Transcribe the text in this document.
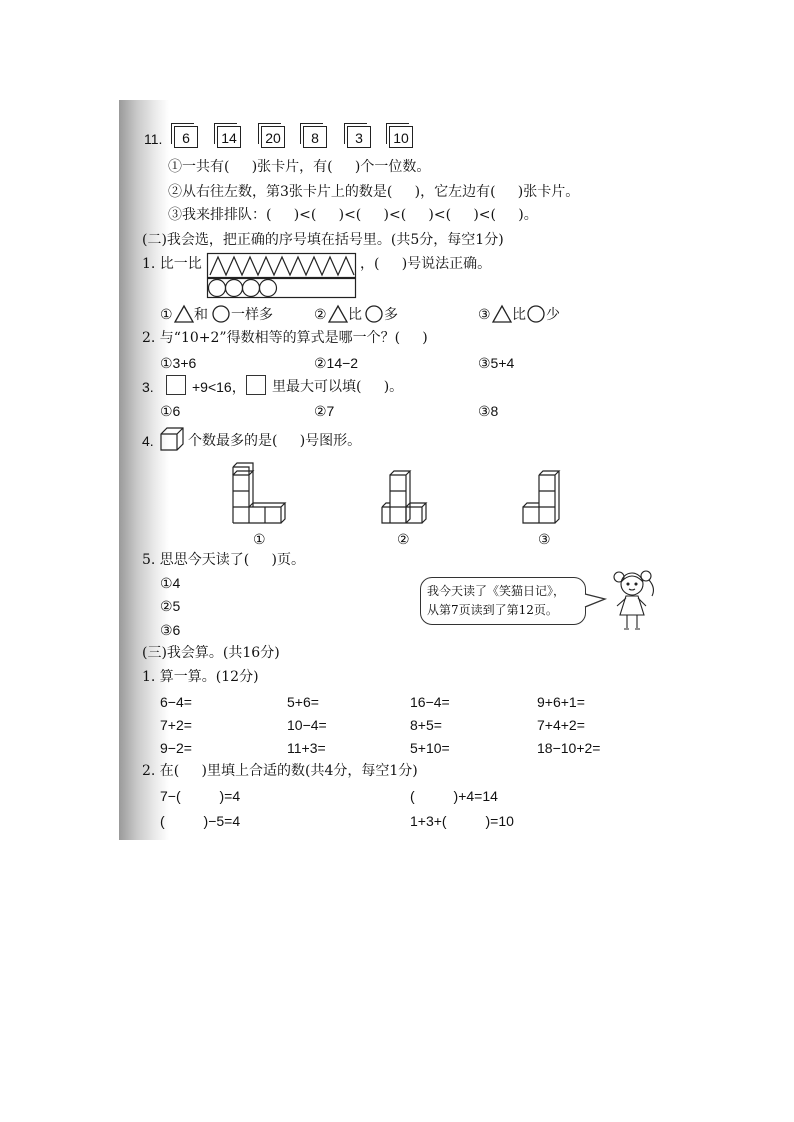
11.	6	14	20	8	3	10
①一共有(     )张卡片，有(     )个一位数。
②从右往左数，第3张卡片上的数是(     )，它左边有(     )张卡片。
③我来排排队：(     )<(     )<(     )<(     )<(     )<(     )。
(二)我会选，把正确的序号填在括号里。(共5分，每空1分)
1. 比一比	，(     )号说法正确。
① 和 一样多	② 比 多	③ 比 少
2. 与“10+2”得数相等的算式是哪一个？(     )
①3+6	②14−2	③5+4
3.	+9<16， 里最大可以填(     )。
①6	②7	③8
4. 个数最多的是(     )号图形。
①	②	③
5. 思思今天读了(     )页。
①4
②5
③6
我今天读了《笑猫日记》，
从第7页读到了第12页。
(三)我会算。(共16分)
1. 算一算。(12分)
6−4=	5+6=	16−4=	9+6+1=
7+2=	10−4=	8+5=	7+4+2=
9−2=	11+3=	5+10=	18−10+2=
2. 在(     )里填上合适的数(共4分，每空1分)
7−(          )=4	(          )+4=14
(          )−5=4	1+3+(          )=10
